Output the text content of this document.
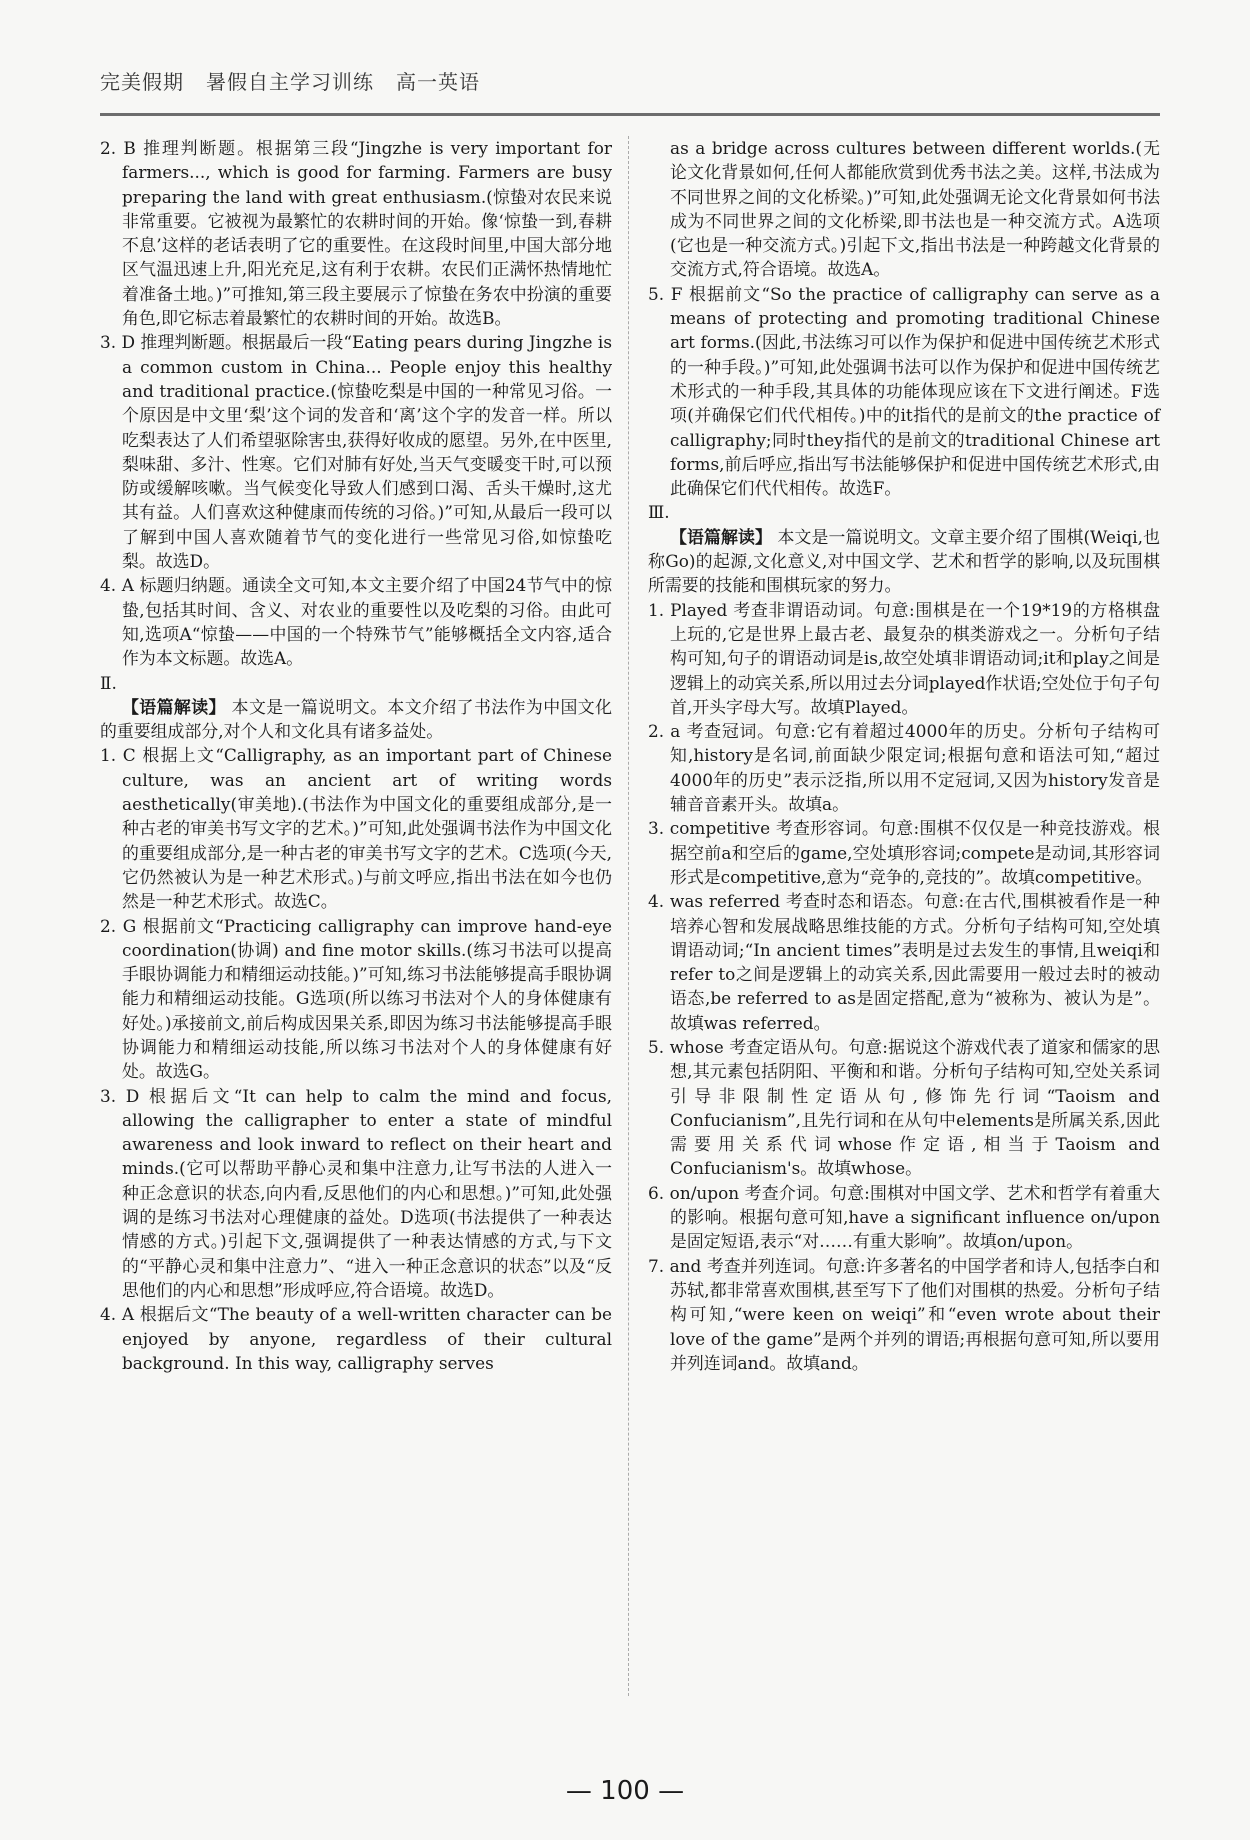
完美假期 暑假自主学习训练 高一英语
2. B 推理判断题。根据第三段“Jingzhe is very important for farmers..., which is good for farming. Farmers are busy preparing the land with great enthusiasm.(惊蛰对农民来说非常重要。它被视为最繁忙的农耕时间的开始。像‘惊蛰一到,春耕不息’这样的老话表明了它的重要性。在这段时间里,中国大部分地区气温迅速上升,阳光充足,这有利于农耕。农民们正满怀热情地忙着准备土地。)”可推知,第三段主要展示了惊蛰在务农中扮演的重要角色,即它标志着最繁忙的农耕时间的开始。故选B。
3. D 推理判断题。根据最后一段“Eating pears during Jingzhe is a common custom in China... People enjoy this healthy and traditional practice.(惊蛰吃梨是中国的一种常见习俗。一个原因是中文里‘梨’这个词的发音和‘离’这个字的发音一样。所以吃梨表达了人们希望驱除害虫,获得好收成的愿望。另外,在中医里,梨味甜、多汁、性寒。它们对肺有好处,当天气变暖变干时,可以预防或缓解咳嗽。当气候变化导致人们感到口渴、舌头干燥时,这尤其有益。人们喜欢这种健康而传统的习俗。)”可知,从最后一段可以了解到中国人喜欢随着节气的变化进行一些常见习俗,如惊蛰吃梨。故选D。
4. A 标题归纳题。通读全文可知,本文主要介绍了中国24节气中的惊蛰,包括其时间、含义、对农业的重要性以及吃梨的习俗。由此可知,选项A“惊蛰——中国的一个特殊节气”能够概括全文内容,适合作为本文标题。故选A。
Ⅱ.
【语篇解读】 本文是一篇说明文。本文介绍了书法作为中国文化的重要组成部分,对个人和文化具有诸多益处。
1. C 根据上文“Calligraphy, as an important part of Chinese culture, was an ancient art of writing words aesthetically(审美地).(书法作为中国文化的重要组成部分,是一种古老的审美书写文字的艺术。)”可知,此处强调书法作为中国文化的重要组成部分,是一种古老的审美书写文字的艺术。C选项(今天,它仍然被认为是一种艺术形式。)与前文呼应,指出书法在如今也仍然是一种艺术形式。故选C。
2. G 根据前文“Practicing calligraphy can improve hand-eye coordination(协调) and fine motor skills.(练习书法可以提高手眼协调能力和精细运动技能。)”可知,练习书法能够提高手眼协调能力和精细运动技能。G选项(所以练习书法对个人的身体健康有好处。)承接前文,前后构成因果关系,即因为练习书法能够提高手眼协调能力和精细运动技能,所以练习书法对个人的身体健康有好处。故选G。
3. D 根据后文“It can help to calm the mind and focus, allowing the calligrapher to enter a state of mindful awareness and look inward to reflect on their heart and minds.(它可以帮助平静心灵和集中注意力,让写书法的人进入一种正念意识的状态,向内看,反思他们的内心和思想。)”可知,此处强调的是练习书法对心理健康的益处。D选项(书法提供了一种表达情感的方式。)引起下文,强调提供了一种表达情感的方式,与下文的“平静心灵和集中注意力”、“进入一种正念意识的状态”以及“反思他们的内心和思想”形成呼应,符合语境。故选D。
4. A 根据后文“The beauty of a well-written character can be enjoyed by anyone, regardless of their cultural background. In this way, calligraphy serves
as a bridge across cultures between different worlds.(无论文化背景如何,任何人都能欣赏到优秀书法之美。这样,书法成为不同世界之间的文化桥梁。)”可知,此处强调无论文化背景如何书法成为不同世界之间的文化桥梁,即书法也是一种交流方式。A选项(它也是一种交流方式。)引起下文,指出书法是一种跨越文化背景的交流方式,符合语境。故选A。
5. F 根据前文“So the practice of calligraphy can serve as a means of protecting and promoting traditional Chinese art forms.(因此,书法练习可以作为保护和促进中国传统艺术形式的一种手段。)”可知,此处强调书法可以作为保护和促进中国传统艺术形式的一种手段,其具体的功能体现应该在下文进行阐述。F选项(并确保它们代代相传。)中的it指代的是前文的the practice of calligraphy;同时they指代的是前文的traditional Chinese art forms,前后呼应,指出写书法能够保护和促进中国传统艺术形式,由此确保它们代代相传。故选F。
Ⅲ.
【语篇解读】 本文是一篇说明文。文章主要介绍了围棋(Weiqi,也称Go)的起源,文化意义,对中国文学、艺术和哲学的影响,以及玩围棋所需要的技能和围棋玩家的努力。
1. Played 考查非谓语动词。句意:围棋是在一个19*19的方格棋盘上玩的,它是世界上最古老、最复杂的棋类游戏之一。分析句子结构可知,句子的谓语动词是is,故空处填非谓语动词;it和play之间是逻辑上的动宾关系,所以用过去分词played作状语;空处位于句子句首,开头字母大写。故填Played。
2. a 考查冠词。句意:它有着超过4000年的历史。分析句子结构可知,history是名词,前面缺少限定词;根据句意和语法可知,“超过4000年的历史”表示泛指,所以用不定冠词,又因为history发音是辅音音素开头。故填a。
3. competitive 考查形容词。句意:围棋不仅仅是一种竞技游戏。根据空前a和空后的game,空处填形容词;compete是动词,其形容词形式是competitive,意为“竞争的,竞技的”。故填competitive。
4. was referred 考查时态和语态。句意:在古代,围棋被看作是一种培养心智和发展战略思维技能的方式。分析句子结构可知,空处填谓语动词;“In ancient times”表明是过去发生的事情,且weiqi和refer to之间是逻辑上的动宾关系,因此需要用一般过去时的被动语态,be referred to as是固定搭配,意为“被称为、被认为是”。故填was referred。
5. whose 考查定语从句。句意:据说这个游戏代表了道家和儒家的思想,其元素包括阴阳、平衡和和谐。分析句子结构可知,空处关系词引导非限制性定语从句,修饰先行词“Taoism and Confucianism”,且先行词和在从句中elements是所属关系,因此需要用关系代词whose作定语,相当于Taoism and Confucianism's。故填whose。
6. on/upon 考查介词。句意:围棋对中国文学、艺术和哲学有着重大的影响。根据句意可知,have a significant influence on/upon是固定短语,表示“对……有重大影响”。故填on/upon。
7. and 考查并列连词。句意:许多著名的中国学者和诗人,包括李白和苏轼,都非常喜欢围棋,甚至写下了他们对围棋的热爱。分析句子结构可知,“were keen on weiqi”和“even wrote about their love of the game”是两个并列的谓语;再根据句意可知,所以要用并列连词and。故填and。
— 100 —
